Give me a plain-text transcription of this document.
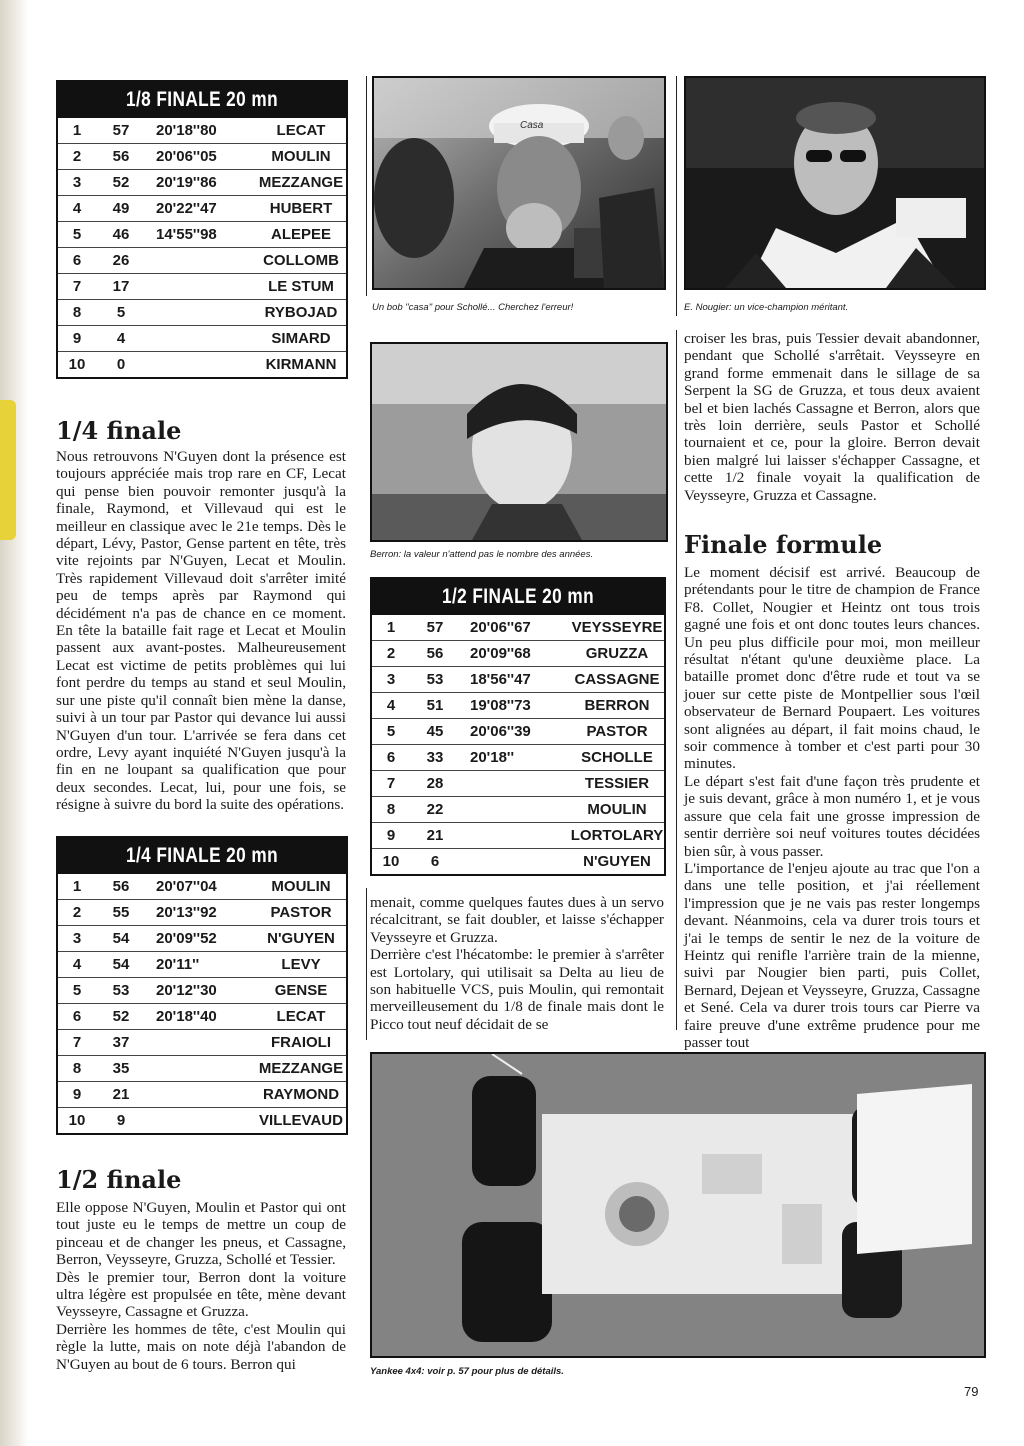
1/8 FINALE 20 mn
1	57	20'18''80	LECAT
2	56	20'06''05	MOULIN
3	52	20'19''86	MEZZANGE
4	49	20'22''47	HUBERT
5	46	14'55''98	ALEPEE
6	26		COLLOMB
7	17		LE STUM
8	5		RYBOJAD
9	4		SIMARD
10	0		KIRMANN
1/4 finale

Nous retrouvons N'Guyen dont la présence est toujours appréciée mais trop rare en CF, Lecat qui pense bien pouvoir remonter jusqu'à la finale, Raymond, et Villevaud qui est le meilleur en classique avec le 21e temps. Dès le départ, Lévy, Pastor, Gense partent en tête, très vite rejoints par N'Guyen, Lecat et Moulin. Très rapidement Villevaud doit s'arrêter imité peu de temps après par Raymond qui décidément n'a pas de chance en ce moment. En tête la bataille fait rage et Lecat et Moulin passent aux avant-postes. Malheureusement Lecat est victime de petits problèmes qui lui font perdre du temps au stand et seul Moulin, sur une piste qu'il connaît bien mène la danse, suivi à un tour par Pastor qui devance lui aussi N'Guyen d'un tour. L'arrivée se fera dans cet ordre, Levy ayant inquiété N'Guyen jusqu'à la fin en ne loupant sa qualification que pour deux secondes. Lecat, lui, pour une fois, se résigne à suivre du bord la suite des opérations.

1/4 FINALE 20 mn
1	56	20'07''04	MOULIN
2	55	20'13''92	PASTOR
3	54	20'09''52	N'GUYEN
4	54	20'11''	LEVY
5	53	20'12''30	GENSE
6	52	20'18''40	LECAT
7	37		FRAIOLI
8	35		MEZZANGE
9	21		RAYMOND
10	9		VILLEVAUD
1/2 finale

Elle oppose N'Guyen, Moulin et Pastor qui ont tout juste eu le temps de mettre un coup de pinceau et de changer les pneus, et Cassagne, Berron, Veysseyre, Gruzza, Schollé et Tessier.

Dès le premier tour, Berron dont la voiture ultra légère est propulsée en tête, mène devant Veysseyre, Cassagne et Gruzza.

Derrière les hommes de tête, c'est Moulin qui règle la lutte, mais on note déjà l'abandon de N'Guyen au bout de 6 tours. Berron qui

Casa
Un bob "casa" pour Schollé... Cherchez l'erreur!	E. Nougier: un vice-champion méritant.
Berron: la valeur n'attend pas le nombre des années.
1/2 FINALE 20 mn
1	57	20'06''67	VEYSSEYRE
2	56	20'09''68	GRUZZA
3	53	18'56''47	CASSAGNE
4	51	19'08''73	BERRON
5	45	20'06''39	PASTOR
6	33	20'18''	SCHOLLE
7	28		TESSIER
8	22		MOULIN
9	21		LORTOLARY
10	6		N'GUYEN

menait, comme quelques fautes dues à un servo récalcitrant, se fait doubler, et laisse s'échapper Veysseyre et Gruzza.

Derrière c'est l'hécatombe: le premier à s'arrêter est Lortolary, qui utilisait sa Delta au lieu de son habituelle VCS, puis Moulin, qui remontait merveilleusement du 1/8 de finale mais dont le Picco tout neuf décidait de se

croiser les bras, puis Tessier devait abandonner, pendant que Schollé s'arrêtait. Veysseyre en grand forme emmenait dans le sillage de sa Serpent la SG de Gruzza, et tous deux avaient bel et bien lachés Cassagne et Berron, alors que très loin derrière, seuls Pastor et Schollé tournaient et ce, pour la gloire. Berron devait bien malgré lui laisser s'échapper Cassagne, et cette 1/2 finale voyait la qualification de Veysseyre, Gruzza et Cassagne.

Finale formule

Le moment décisif est arrivé. Beaucoup de prétendants pour le titre de champion de France F8. Collet, Nougier et Heintz ont tous trois gagné une fois et ont donc toutes leurs chances. Un peu plus difficile pour moi, mon meilleur résultat n'étant qu'une deuxième place. La bataille promet donc d'être rude et tout va se jouer sur cette piste de Montpellier sous l'œil observateur de Bernard Poupaert. Les voitures sont alignées au départ, il fait moins chaud, le soir commence à tomber et c'est parti pour 30 minutes.

Le départ s'est fait d'une façon très prudente et je suis devant, grâce à mon numéro 1, et je vous assure que cela fait une grosse impression de sentir derrière soi neuf voitures toutes décidées bien sûr, à vous passer.

L'importance de l'enjeu ajoute au trac que l'on a dans une telle position, et j'ai réellement l'impression que je ne vais pas rester longemps devant. Néanmoins, cela va durer trois tours et j'ai le temps de sentir le nez de la voiture de Heintz qui renifle l'arrière train de la mienne, suivi par Nougier bien parti, puis Collet, Bernard, Dejean et Veysseyre, Gruzza, Cassagne et Sené. Cela va durer trois tours car Pierre va faire preuve d'une extrême prudence pour me passer tout

Yankee 4x4: voir p. 57 pour plus de détails.
79
